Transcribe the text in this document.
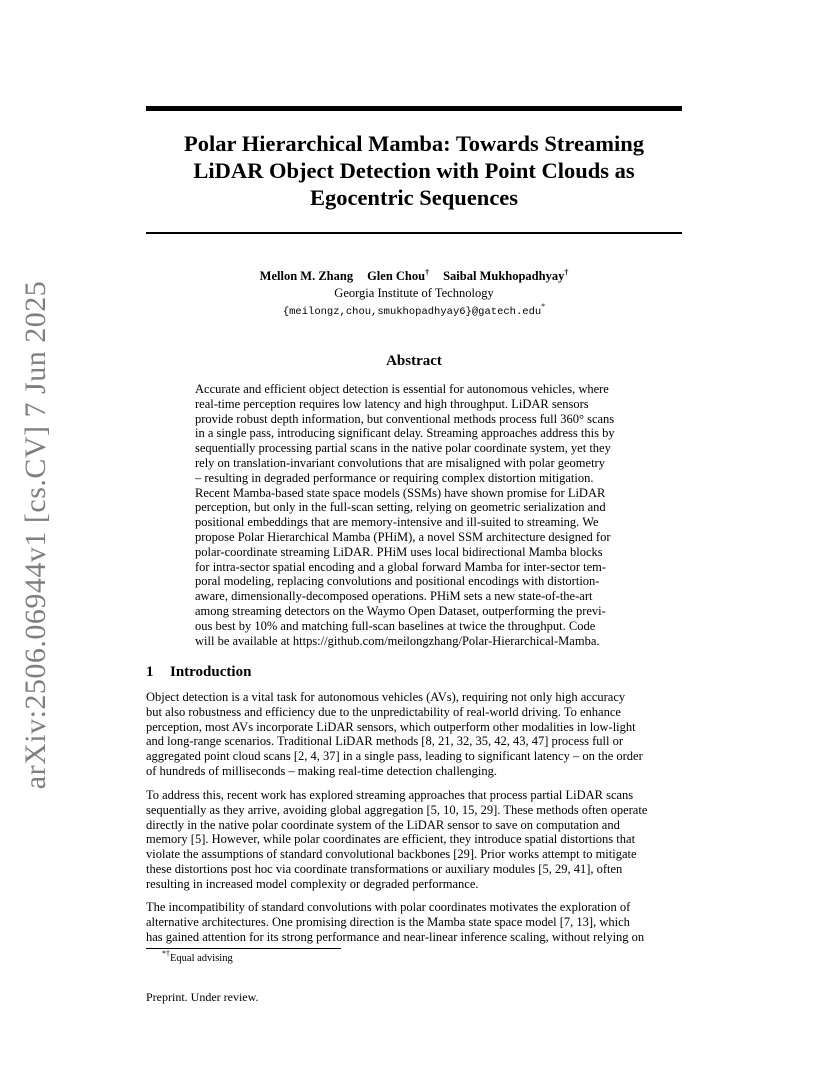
arXiv:2506.06944v1 [cs.CV] 7 Jun 2025
Polar Hierarchical Mamba: Towards Streaming
LiDAR Object Detection with Point Clouds as
Egocentric Sequences
Mellon M. Zhang Glen Chou† Saibal Mukhopadhyay†
Georgia Institute of Technology
{meilongz,chou,smukhopadhyay6}@gatech.edu*
Abstract
Accurate and efficient object detection is essential for autonomous vehicles, where
real-time perception requires low latency and high throughput. LiDAR sensors
provide robust depth information, but conventional methods process full 360° scans
in a single pass, introducing significant delay. Streaming approaches address this by
sequentially processing partial scans in the native polar coordinate system, yet they
rely on translation-invariant convolutions that are misaligned with polar geometry
– resulting in degraded performance or requiring complex distortion mitigation.
Recent Mamba-based state space models (SSMs) have shown promise for LiDAR
perception, but only in the full-scan setting, relying on geometric serialization and
positional embeddings that are memory-intensive and ill-suited to streaming. We
propose Polar Hierarchical Mamba (PHiM), a novel SSM architecture designed for
polar-coordinate streaming LiDAR. PHiM uses local bidirectional Mamba blocks
for intra-sector spatial encoding and a global forward Mamba for inter-sector tem-
poral modeling, replacing convolutions and positional encodings with distortion-
aware, dimensionally-decomposed operations. PHiM sets a new state-of-the-art
among streaming detectors on the Waymo Open Dataset, outperforming the previ-
ous best by 10% and matching full-scan baselines at twice the throughput. Code
will be available at https://github.com/meilongzhang/Polar-Hierarchical-Mamba.
1 Introduction
Object detection is a vital task for autonomous vehicles (AVs), requiring not only high accuracy
but also robustness and efficiency due to the unpredictability of real-world driving. To enhance
perception, most AVs incorporate LiDAR sensors, which outperform other modalities in low-light
and long-range scenarios. Traditional LiDAR methods [8, 21, 32, 35, 42, 43, 47] process full or
aggregated point cloud scans [2, 4, 37] in a single pass, leading to significant latency – on the order
of hundreds of milliseconds – making real-time detection challenging.
To address this, recent work has explored streaming approaches that process partial LiDAR scans
sequentially as they arrive, avoiding global aggregation [5, 10, 15, 29]. These methods often operate
directly in the native polar coordinate system of the LiDAR sensor to save on computation and
memory [5]. However, while polar coordinates are efficient, they introduce spatial distortions that
violate the assumptions of standard convolutional backbones [29]. Prior works attempt to mitigate
these distortions post hoc via coordinate transformations or auxiliary modules [5, 29, 41], often
resulting in increased model complexity or degraded performance.
The incompatibility of standard convolutions with polar coordinates motivates the exploration of
alternative architectures. One promising direction is the Mamba state space model [7, 13], which
has gained attention for its strong performance and near-linear inference scaling, without relying on
*†Equal advising
Preprint. Under review.
